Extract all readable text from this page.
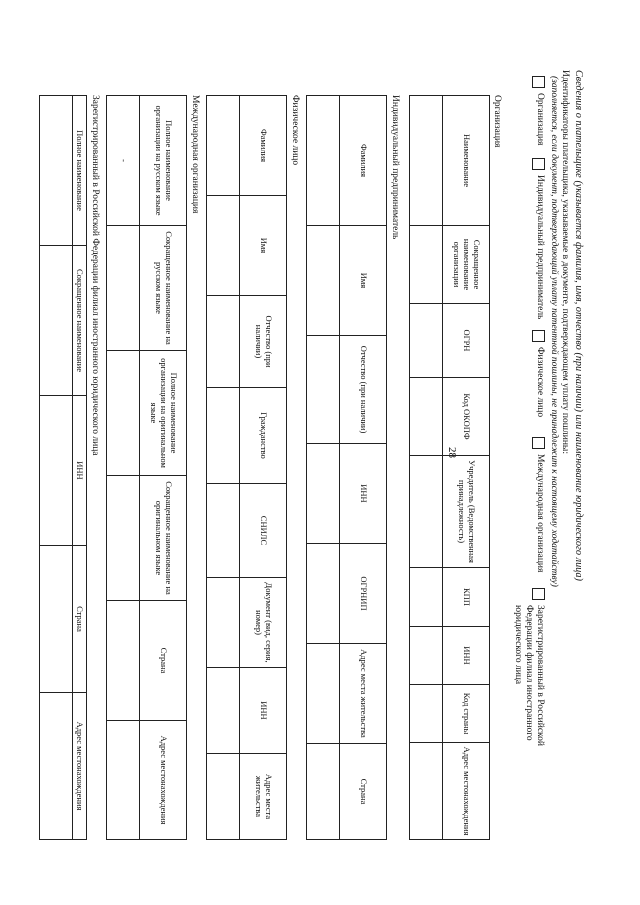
28	Сведения о плательщике (указывается фамилия, имя, отчество (при наличии) или наименование юридического лица)
Идентификаторы плательщика, указываемые в документе, подтверждающем уплату пошлины:
(заполняется, если документ, подтверждающий уплату патентной пошлины, не принадлежит к настоящему ходатайству)
Организация
Индивидуальный предприниматель
Физическое лицо
Международная организация
Зарегистрированный в Российской
Федерации филиал иностранного
юридического лица
Организация
Наименование	Сокращенное наименование организации	ОГРН	Код ОКОПФ	Учредитель (Ведомственная принадлежность)	КПП	ИНН	Код страны	Адрес местонахождения

Индивидуальный предприниматель
Фамилия	Имя	Отчество (при наличии)	ИНН	ОГРНИП	Адрес места жительства	Страна

Физическое лицо
Фамилия	Имя	Отчество (при наличии)	Гражданство	СНИЛС	Документ (вид, серия, номер)	ИНН	Адрес места жительства

Международная организация
Полное наименование организации на русском языке	Сокращенное наименование на русском языке	Полное наименование организации на оригинальном языке	Сокращенное наименование на оригинальном языке	Страна	Адрес местонахождения
-					
Зарегистрированный в Российской Федерации филиал иностранного юридического лица
Полное наименование	Сокращенное наименование	ИНН	Страна	Адрес местонахождения
